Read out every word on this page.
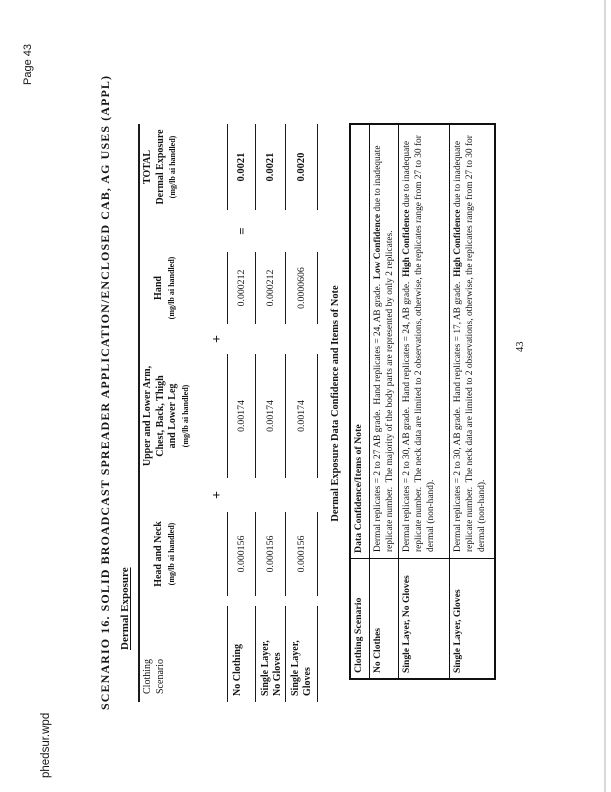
phedsur.wpd
Page 43
SCENARIO 16. SOLID BROADCAST SPREADER APPLICATION/ENCLOSED CAB, AG USES (APPL) Dermal Exposure
Clothing Scenario
Head and Neck (mg/lb ai handled)
+
Upper and Lower Arm, Chest, Back, Thigh and Lower Leg (mg/lb ai handled)
+
Hand (mg/lb ai handled)
TOTAL Dermal Exposure (mg/lb ai handled)
No Clothing
0.000156
0.00174
0.000212
=
0.0021
Single Layer,
No Gloves
0.000156
0.00174
0.000212
0.0021
Single Layer,
Gloves
0.000156
0.00174
0.0000606
0.0020
Dermal Exposure Data Confidence and Items of Note
Clothing Scenario
Data Confidence/Items of Note
No Clothes
Dermal replicates = 2 to 27 AB grade.  Hand replicates = 24, AB grade.  Low Confidence due to inadequate replicate number.  The majority of the body parts are represented by only 2 replicates.
Single Layer, No Gloves
Dermal replicates = 2 to 30, AB grade.  Hand replicates = 24, AB grade.  High Confidence due to inadequate replicate number.  The neck data are limited to 2 observations, otherwise, the replicates range from 27 to 30 for dermal (non-hand).
Single Layer, Gloves
Dermal replicates = 2 to 30, AB grade.  Hand replicates = 17, AB grade.  High Confidence due to inadequate replicate number.  The neck data are limited to 2 observations, otherwise, the replicates range from 27 to 30 for dermal (non-hand).
43
